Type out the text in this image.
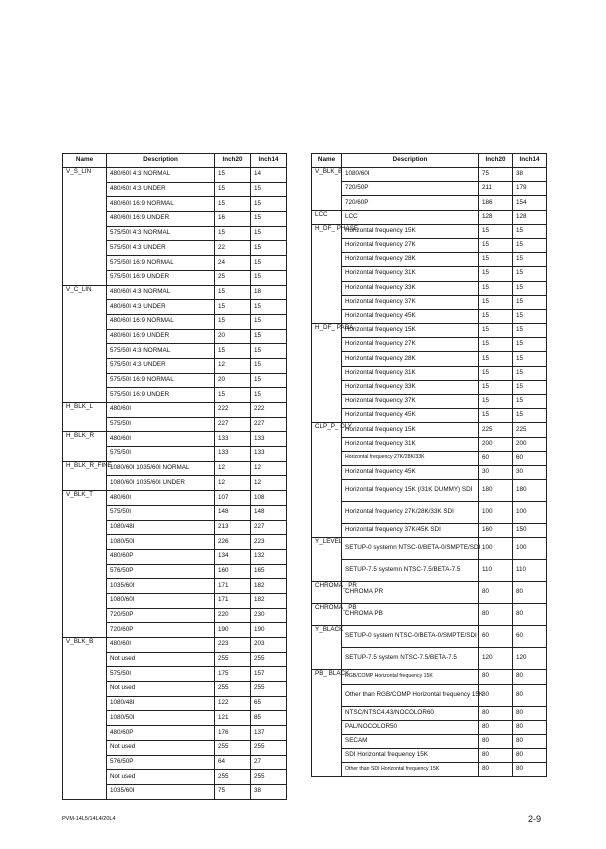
Name	Description	Inch20	Inch14
V_S_LIN	480/60I 4:3 NORMAL	15	14
	480/60I 4:3 UNDER	15	15
	480/60I 16:9 NORMAL	15	15
	480/60I 16:9 UNDER	16	15
	575/50I 4:3 NORMAL	15	15
	575/50I 4:3 UNDER	22	15
	575/50I 16:9 NORMAL	24	15
	575/50I 16:9 UNDER	25	15
V_C_LIN	480/60I 4:3 NORMAL	15	18
	480/60I 4:3 UNDER	15	15
	480/60I 16:9 NORMAL	15	15
	480/60I 16:9 UNDER	20	15
	575/50I 4:3 NORMAL	15	15
	575/50I 4:3 UNDER	12	15
	575/50I 16:9 NORMAL	20	15
	575/50I 16:9 UNDER	15	15
H_BLK_L	480/60I	222	222
	575/50I	227	227
H_BLK_R	480/60I	133	133
	575/50I	133	133
H_BLK_R_FINE	1080/60I 1035/60I NORMAL	12	12
	1080/60I 1035/60I UNDER	12	12
V_BLK_T	480/60I	107	108
	575/50I	148	148
	1080/48I	213	227
	1080/50I	226	223
	480/60P	134	132
	576/50P	160	165
	1035/60I	171	182
	1080/60I	171	182
	720/50P	220	230
	720/60P	190	190
V_BLK_B	480/60I	223	203
	Not used	255	255
	575/50I	175	157
	Not used	255	255
	1080/48I	122	65
	1080/50I	121	85
	480/60P	176	137
	Not used	255	255
	576/50P	64	27
	Not used	255	255
	1035/60I	75	38
Name	Description	Inch20	Inch14
V_BLK_B	1080/60I	75	38
	720/50P	211	179
	720/60P	186	154
LCC	LCC	128	128
H_DF_ PHASE	Horizontal frequency 15K	15	15
	Horizontal frequency 27K	15	15
	Horizontal frequency 28K	15	15
	Horizontal frequency 31K	15	15
	Horizontal frequency 33K	15	15
	Horizontal frequency 37K	15	15
	Horizontal frequency 45K	15	15
H_DF_ PARA	Horizontal frequency 15K	15	15
	Horizontal frequency 27K	15	15
	Horizontal frequency 28K	15	15
	Horizontal frequency 31K	15	15
	Horizontal frequency 33K	15	15
	Horizontal frequency 37K	15	15
	Horizontal frequency 45K	15	15
CLP_P_ DLY	Horizontal frequency 15K	225	225
	Horizontal frequency 31K	200	200
	Horizontal frequency 27K/28K/33K	60	60
	Horizontal frequency 45K	30	30
	Horizontal frequency 15K (/31K DUMMY) SDI	180	180
	Horizontal frequency 27K/28K/33K SDI	100	100
	Horizontal frequency 37K/45K SDI	160	150
Y_LEVEL	SETUP-0 systemn NTSC-0/BETA-0/SMPTE/SDI	100	100
	SETUP-7.5 systemn NTSC-7.5/BETA-7.5	110	110
CHROMA_ PR	CHROMA PR	80	80
CHROMA_ PB	CHROMA PB	80	80
Y_BLACK	SETUP-0 system NTSC-0/BETA-0/SMPTE/SDI	60	60
	SETUP-7.5 system NTSC-7.5/BETA-7.5	120	120
PB_ BLACK	RGB/COMP Horizontal frequency 15K	80	80
	Other than RGB/COMP Horizontal frequency 15K	80	80
	NTSC/NTSC4.43/NOCOLOR60	80	80
	PAL/NOCOLOR50	80	80
	SECAM	80	80
	SDI Horizontal frequency 15K	80	80
	Other than SDI Horizontal frequency 15K	80	80
PVM-14L5/14L4/20L4	2-9
